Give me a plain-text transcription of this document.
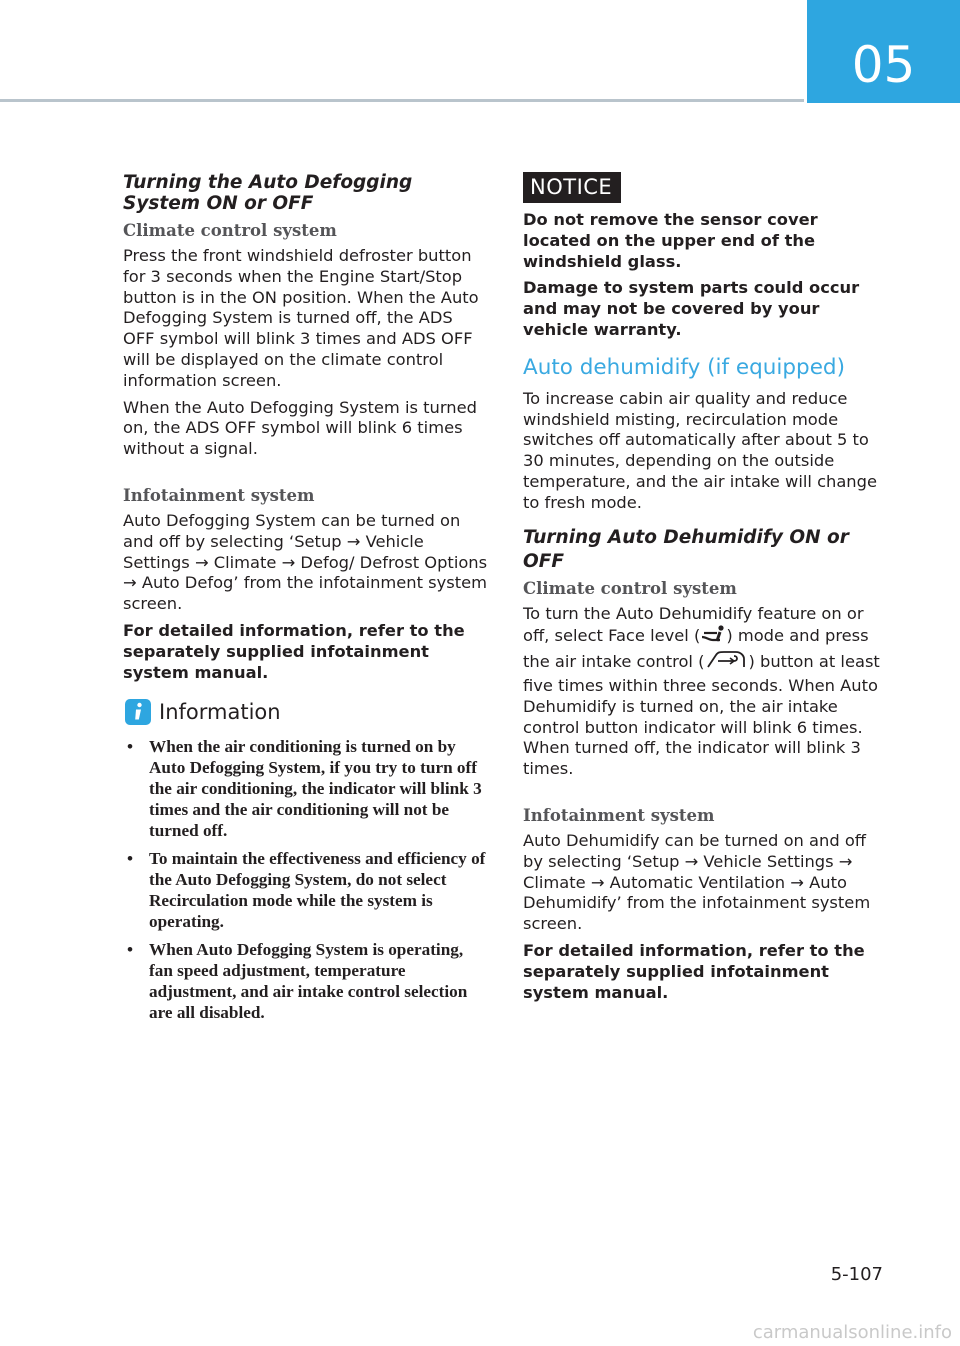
05
Turning the Auto Defogging System ON or OFF
Climate control system

Press the front windshield defroster button for 3 seconds when the Engine Start/Stop button is in the ON position. When the Auto Defogging System is turned off, the ADS OFF symbol will blink 3 times and ADS OFF will be displayed on the climate control information screen.

When the Auto Defogging System is turned on, the ADS OFF symbol will blink 6 times without a signal.

Infotainment system

Auto Defogging System can be turned on and off by selecting ‘Setup → Vehicle Settings → Climate → Defog/ Defrost Options → Auto Defog’ from the infotainment system screen.

For detailed information, refer to the separately supplied infotainment system manual.

Information
• When the air conditioning is turned on by Auto Defogging System, if you try to turn off the air conditioning, the indicator will blink 3 times and the air conditioning will not be turned off.
• To maintain the effectiveness and efficiency of the Auto Defogging System, do not select Recirculation mode while the system is operating.
• When Auto Defogging System is operating, fan speed adjustment, temperature adjustment, and air intake control selection are all disabled.
NOTICE

Do not remove the sensor cover located on the upper end of the windshield glass.

Damage to system parts could occur and may not be covered by your vehicle warranty.

Auto dehumidify (if equipped)

To increase cabin air quality and reduce windshield misting, recirculation mode switches off automatically after about 5 to 30 minutes, depending on the outside temperature, and the air intake will change to fresh mode.

Turning Auto Dehumidify ON or OFF
Climate control system

To turn the Auto Dehumidify feature on or off, select Face level ( ) mode and press the air intake control (	) button at least five times within three seconds. When Auto Dehumidify is turned on, the air intake control button indicator will blink 6 times. When turned off, the indicator will blink 3 times.

Infotainment system

Auto Dehumidify can be turned on and off by selecting ‘Setup → Vehicle Settings → Climate → Automatic Ventilation → Auto Dehumidify’ from the infotainment system screen.

For detailed information, refer to the separately supplied infotainment system manual.

5-107
carmanualsonline.info
